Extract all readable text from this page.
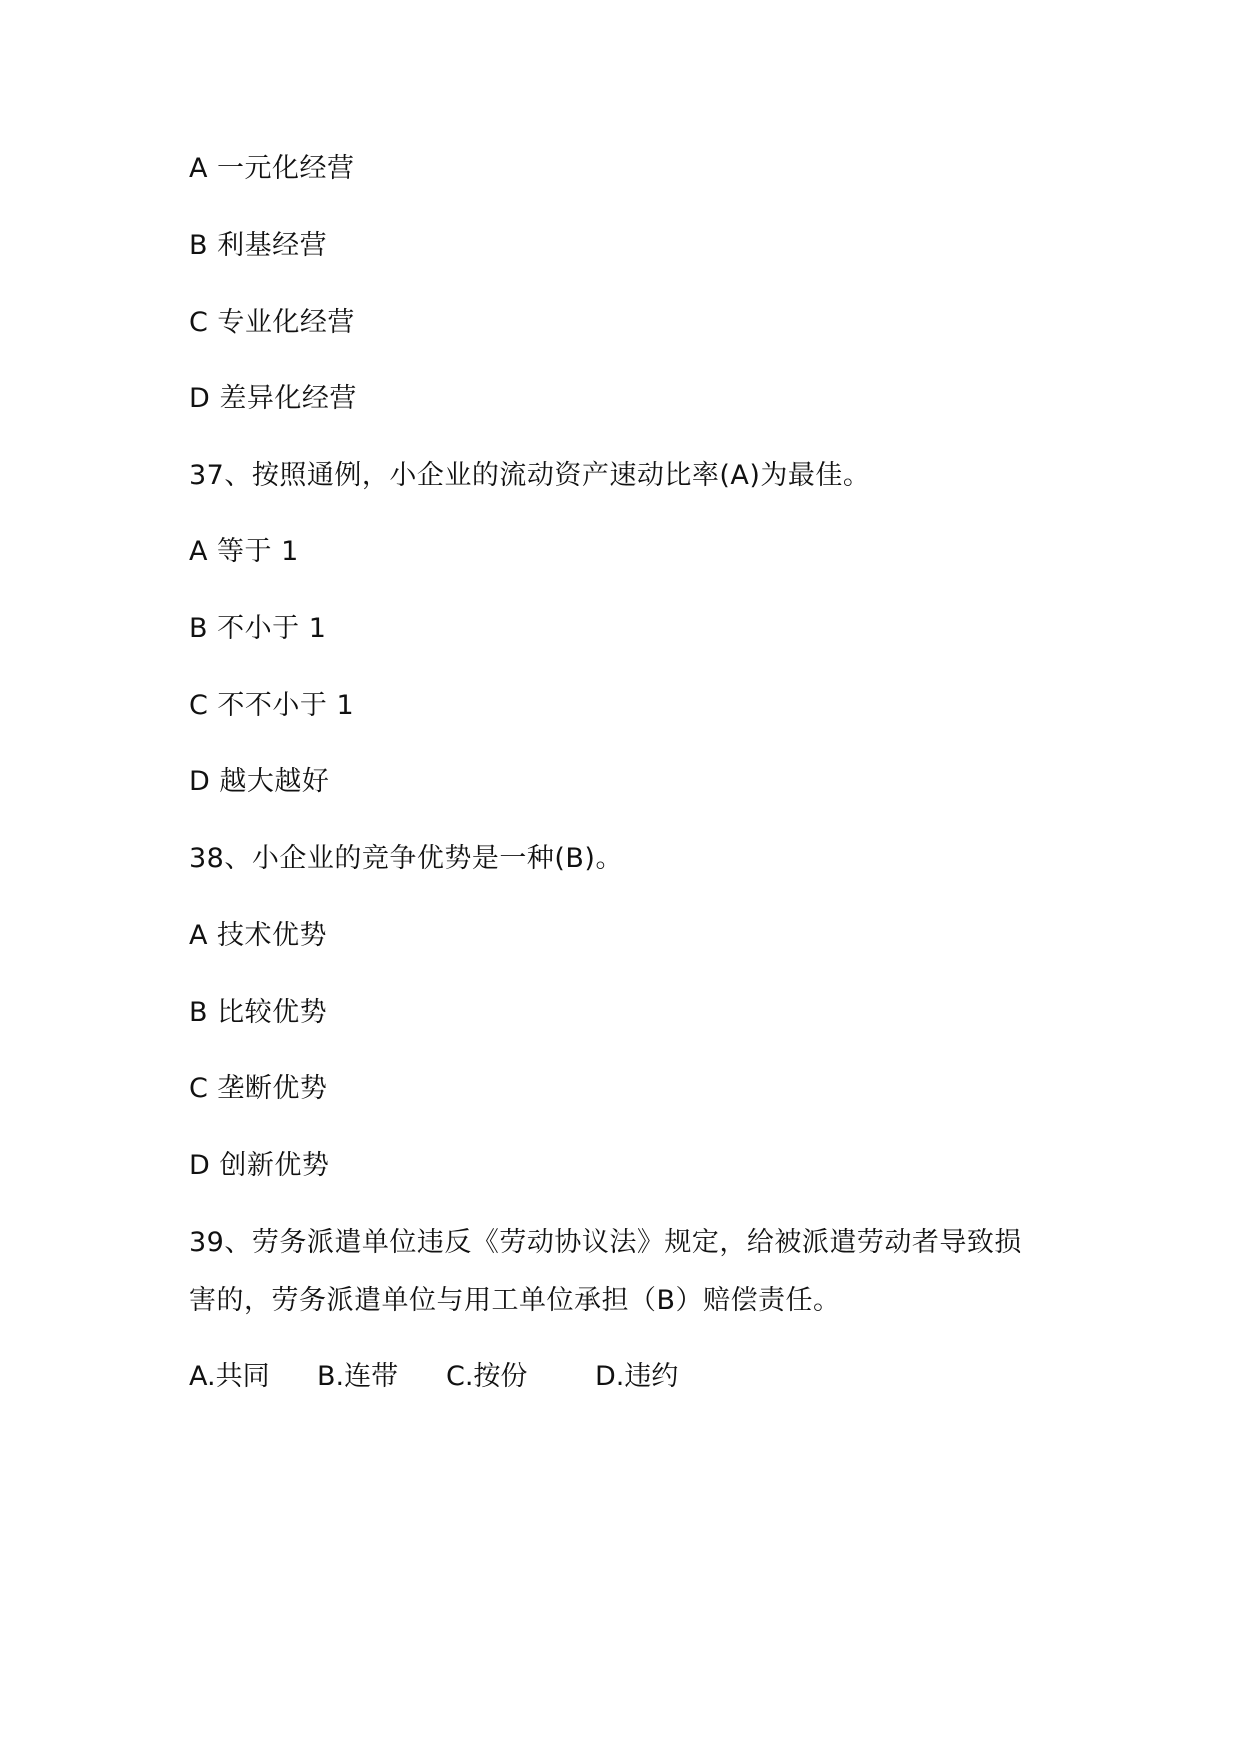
A 一元化经营
B 利基经营
C 专业化经营
D 差异化经营
37、按照通例，小企业的流动资产速动比率(A)为最佳。
A 等于 1
B 不小于 1
C 不不小于 1
D 越大越好
38、小企业的竞争优势是一种(B)。
A 技术优势
B 比较优势
C 垄断优势
D 创新优势
39、劳务派遣单位违反《劳动协议法》规定，给被派遣劳动者导致损
害的，劳务派遣单位与用工单位承担（B）赔偿责任。
A.共同 B.连带 C.按份	D.违约
